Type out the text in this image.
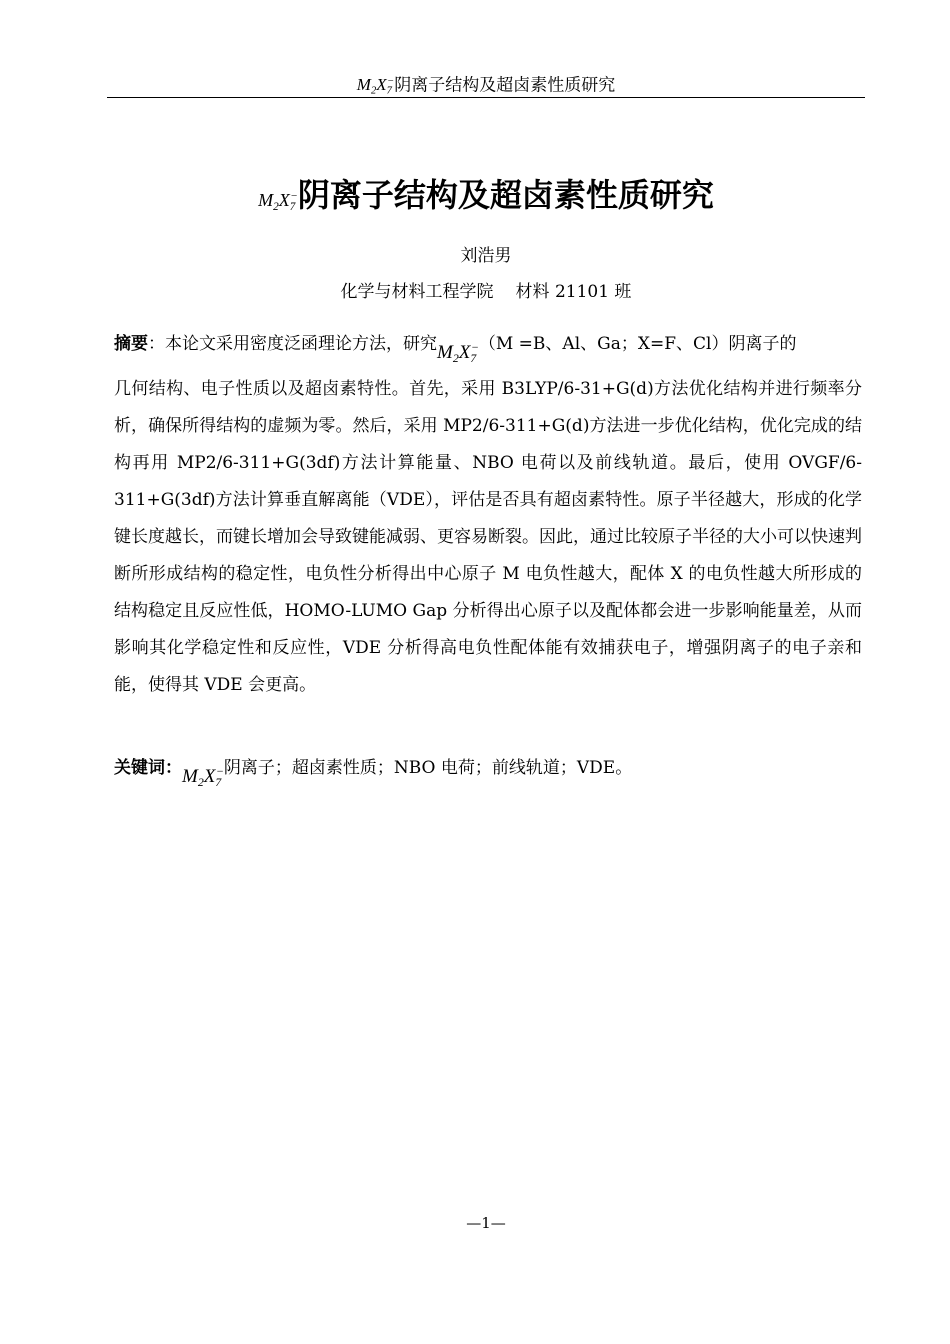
$M_2X_7^-$阴离子结构及超卤素性质研究
$M_2X_7^-$阴离子结构及超卤素性质研究
刘浩男
化学与材料工程学院 材料 21101 班
摘要：本论文采用密度泛函理论方法，研究$M_2X_7^-(M =B$、Al、Ga；X=F、Cl）阴离子的
几何结构、电子性质以及超卤素特性。首先，采用 B3LYP/6-31+G(d)方法优化结构并进行频率分析，确保所得结构的虚频为零。然后，采用 MP2/6-311+G(d)方法进一步优化结构，优化完成的结构再用 MP2/6-311+G(3df)方法计算能量、NBO 电荷以及前线轨道。最后，使用 OVGF/6-311+G(3df)方法计算垂直解离能（VDE），评估是否具有超卤素特性。原子半径越大，形成的化学键长度越长，而键长增加会导致键能减弱、更容易断裂。因此，通过比较原子半径的大小可以快速判断所形成结构的稳定性，电负性分析得出中心原子 M 电负性越大，配体 X 的电负性越大所形成的结构稳定且反应性低，HOMO-LUMO Gap 分析得出心原子以及配体都会进一步影响能量差，从而影响其化学稳定性和反应性，VDE 分析得高电负性配体能有效捕获电子，增强阴离子的电子亲和能，使得其 VDE 会更高。
关键词：$M_2X_7^-$阴离子；超卤素性质；NBO 电荷；前线轨道；VDE。
—1—
